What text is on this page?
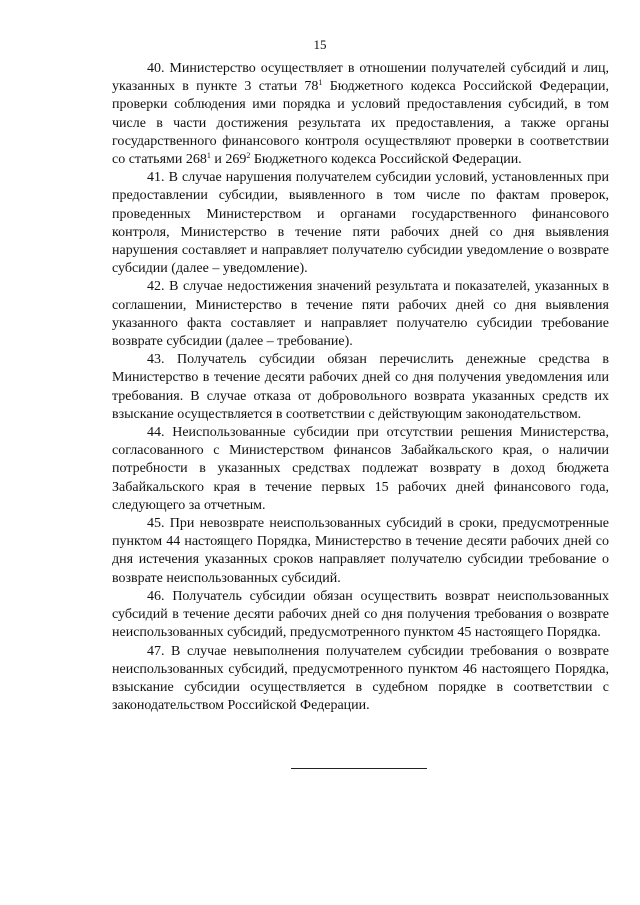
15

40. Министерство осуществляет в отношении получателей субсидий и лиц, указанных в пункте 3 статьи $78^1$ Бюджетного кодекса Российской Федерации, проверки соблюдения ими порядка и условий предоставления субсидий, в том числе в части достижения результата их предоставления, а также органы государственного финансового контроля осуществляют проверки в соответствии со статьями $268^1$ и $269^2$ Бюджетного кодекса Российской Федерации.

41. В случае нарушения получателем субсидии условий, установленных при предоставлении субсидии, выявленного в том числе по фактам проверок, проведенных Министерством и органами государственного финансового контроля, Министерство в течение пяти рабочих дней со дня выявления нарушения составляет и направляет получателю субсидии уведомление о возврате субсидии (далее – уведомление).

42. В случае недостижения значений результата и показателей, указанных в соглашении, Министерство в течение пяти рабочих дней со дня выявления указанного факта составляет и направляет получателю субсидии требование возврате субсидии (далее – требование).

43. Получатель субсидии обязан перечислить денежные средства в Министерство в течение десяти рабочих дней со дня получения уведомления или требования. В случае отказа от добровольного возврата указанных средств их взыскание осуществляется в соответствии с действующим законодательством.

44. Неиспользованные субсидии при отсутствии решения Министерства, согласованного с Министерством финансов Забайкальского края, о наличии потребности в указанных средствах подлежат возврату в доход бюджета Забайкальского края в течение первых 15 рабочих дней финансового года, следующего за отчетным.

45. При невозврате неиспользованных субсидий в сроки, предусмотренные пунктом 44 настоящего Порядка, Министерство в течение десяти рабочих дней со дня истечения указанных сроков направляет получателю субсидии требование о возврате неиспользованных субсидий.

46. Получатель субсидии обязан осуществить возврат неиспользованных субсидий в течение десяти рабочих дней со дня получения требования о возврате неиспользованных субсидий, предусмотренного пунктом 45 настоящего Порядка.

47. В случае невыполнения получателем субсидии требования о возврате неиспользованных субсидий, предусмотренного пунктом 46 настоящего Порядка, взыскание субсидии осуществляется в судебном порядке в соответствии с законодательством Российской Федерации.
